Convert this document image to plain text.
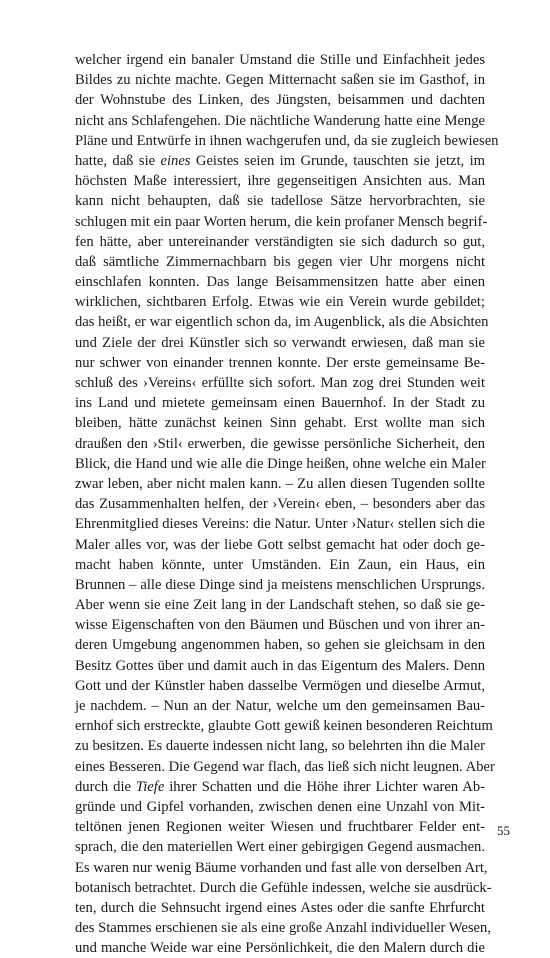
welcher irgend ein banaler Umstand die Stille und Einfachheit jedes
Bildes zu nichte machte. Gegen Mitternacht saßen sie im Gasthof, in
der Wohnstube des Linken, des Jüngsten, beisammen und dachten
nicht ans Schlafengehen. Die nächtliche Wanderung hatte eine Menge
Pläne und Entwürfe in ihnen wachgerufen und, da sie zugleich bewiesen
hatte, daß sie eines Geistes seien im Grunde, tauschten sie jetzt, im
höchsten Maße interessiert, ihre gegenseitigen Ansichten aus. Man
kann nicht behaupten, daß sie tadellose Sätze hervorbrachten, sie
schlugen mit ein paar Worten herum, die kein profaner Mensch begrif-
fen hätte, aber untereinander verständigten sie sich dadurch so gut,
daß sämtliche Zimmernachbarn bis gegen vier Uhr morgens nicht
einschlafen konnten. Das lange Beisammensitzen hatte aber einen
wirklichen, sichtbaren Erfolg. Etwas wie ein Verein wurde gebildet;
das heißt, er war eigentlich schon da, im Augenblick, als die Absichten
und Ziele der drei Künstler sich so verwandt erwiesen, daß man sie
nur schwer von einander trennen konnte. Der erste gemeinsame Be-
schluß des ›Vereins‹ erfüllte sich sofort. Man zog drei Stunden weit
ins Land und mietete gemeinsam einen Bauernhof. In der Stadt zu
bleiben, hätte zunächst keinen Sinn gehabt. Erst wollte man sich
draußen den ›Stil‹ erwerben, die gewisse persönliche Sicherheit, den
Blick, die Hand und wie alle die Dinge heißen, ohne welche ein Maler
zwar leben, aber nicht malen kann. – Zu allen diesen Tugenden sollte
das Zusammenhalten helfen, der ›Verein‹ eben, – besonders aber das
Ehrenmitglied dieses Vereins: die Natur. Unter ›Natur‹ stellen sich die
Maler alles vor, was der liebe Gott selbst gemacht hat oder doch ge-
macht haben könnte, unter Umständen. Ein Zaun, ein Haus, ein
Brunnen – alle diese Dinge sind ja meistens menschlichen Ursprungs.
Aber wenn sie eine Zeit lang in der Landschaft stehen, so daß sie ge-
wisse Eigenschaften von den Bäumen und Büschen und von ihrer an-
deren Umgebung angenommen haben, so gehen sie gleichsam in den
Besitz Gottes über und damit auch in das Eigentum des Malers. Denn
Gott und der Künstler haben dasselbe Vermögen und dieselbe Armut,
je nachdem. – Nun an der Natur, welche um den gemeinsamen Bau-
ernhof sich erstreckte, glaubte Gott gewiß keinen besonderen Reichtum
zu besitzen. Es dauerte indessen nicht lang, so belehrten ihn die Maler
eines Besseren. Die Gegend war flach, das ließ sich nicht leugnen. Aber
durch die Tiefe ihrer Schatten und die Höhe ihrer Lichter waren Ab-
gründe und Gipfel vorhanden, zwischen denen eine Unzahl von Mit-
teltönen jenen Regionen weiter Wiesen und fruchtbarer Felder ent-
sprach, die den materiellen Wert einer gebirgigen Gegend ausmachen.
Es waren nur wenig Bäume vorhanden und fast alle von derselben Art,
botanisch betrachtet. Durch die Gefühle indessen, welche sie ausdrück-
ten, durch die Sehnsucht irgend eines Astes oder die sanfte Ehrfurcht
des Stammes erschienen sie als eine große Anzahl individueller Wesen,
und manche Weide war eine Persönlichkeit, die den Malern durch die
55
